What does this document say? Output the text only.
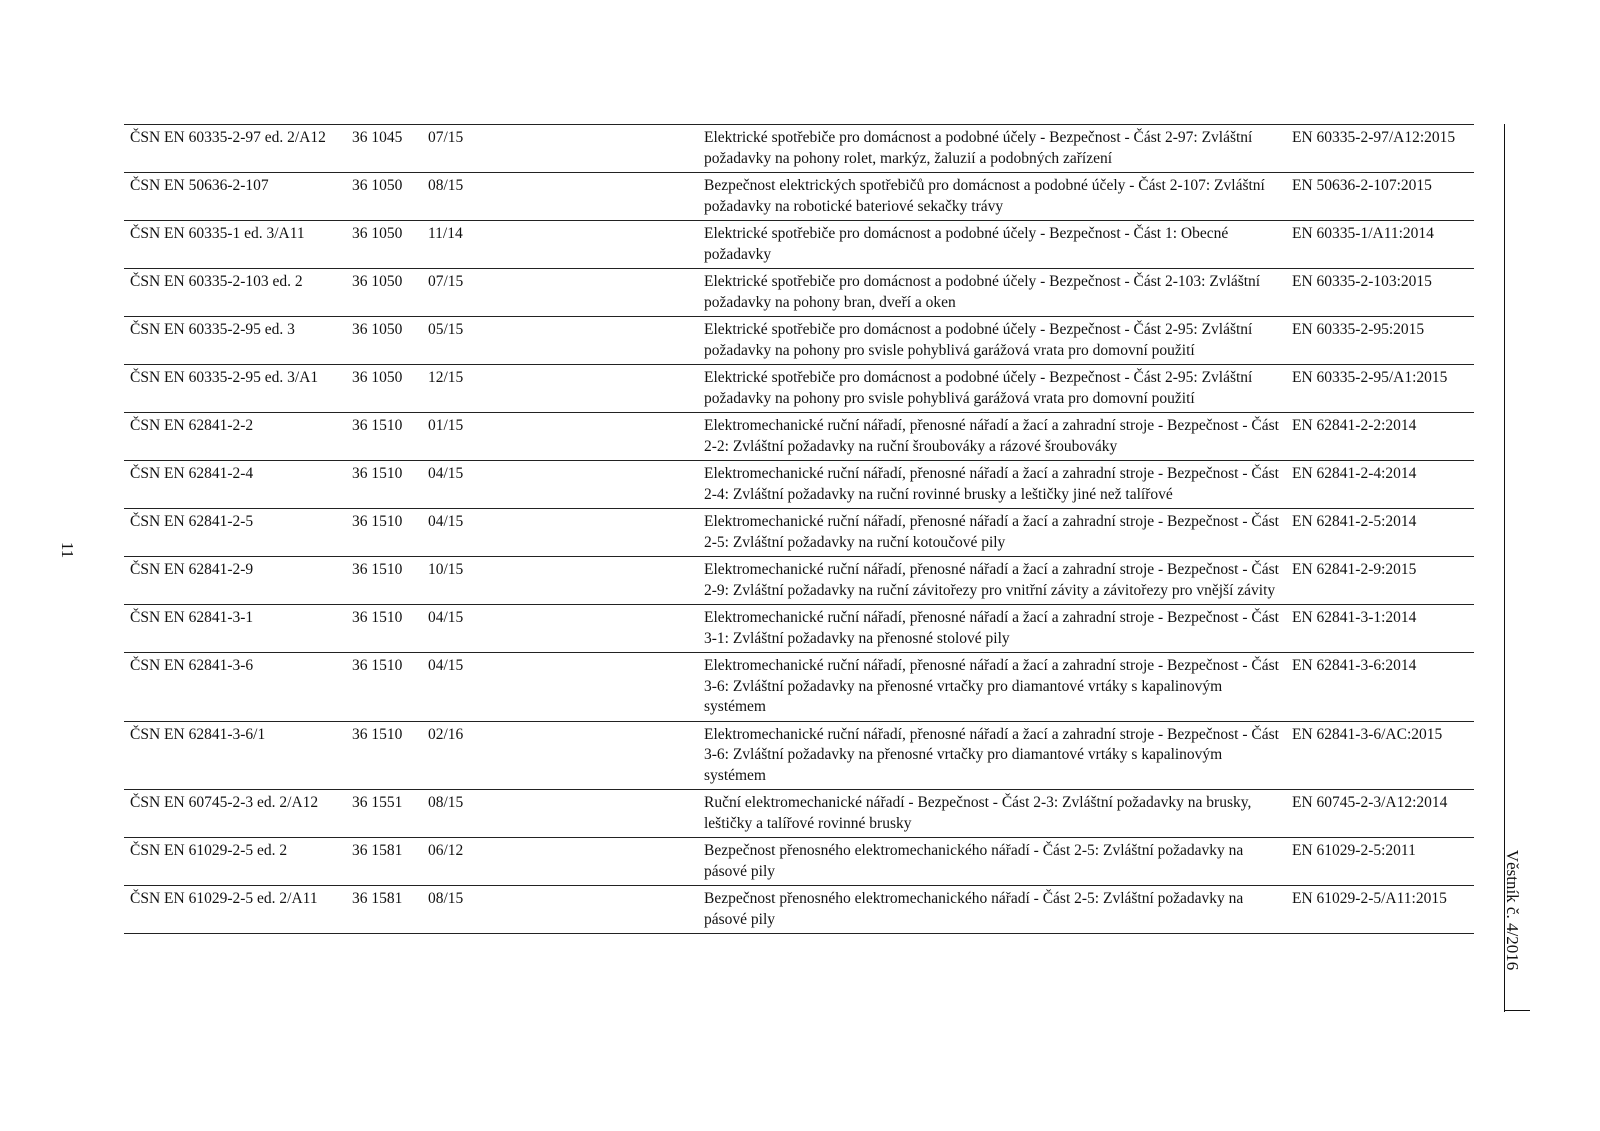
11
ČSN EN 60335-2-97 ed. 2/A12	36 1045	07/15	Elektrické spotřebiče pro domácnost a podobné účely - Bezpečnost - Část 2-97: Zvláštní požadavky na pohony rolet, markýz, žaluzií a podobných zařízení	EN 60335-2-97/A12:2015
ČSN EN 50636-2-107	36 1050	08/15	Bezpečnost elektrických spotřebičů pro domácnost a podobné účely - Část 2-107: Zvláštní požadavky na robotické bateriové sekačky trávy	EN 50636-2-107:2015
ČSN EN 60335-1 ed. 3/A11	36 1050	11/14	Elektrické spotřebiče pro domácnost a podobné účely - Bezpečnost - Část 1: Obecné požadavky	EN 60335-1/A11:2014
ČSN EN 60335-2-103 ed. 2	36 1050	07/15	Elektrické spotřebiče pro domácnost a podobné účely - Bezpečnost - Část 2-103: Zvláštní požadavky na pohony bran, dveří a oken	EN 60335-2-103:2015
ČSN EN 60335-2-95 ed. 3	36 1050	05/15	Elektrické spotřebiče pro domácnost a podobné účely - Bezpečnost - Část 2-95: Zvláštní požadavky na pohony pro svisle pohyblivá garážová vrata pro domovní použití	EN 60335-2-95:2015
ČSN EN 60335-2-95 ed. 3/A1	36 1050	12/15	Elektrické spotřebiče pro domácnost a podobné účely - Bezpečnost - Část 2-95: Zvláštní požadavky na pohony pro svisle pohyblivá garážová vrata pro domovní použití	EN 60335-2-95/A1:2015
ČSN EN 62841-2-2	36 1510	01/15	Elektromechanické ruční nářadí, přenosné nářadí a žací a zahradní stroje - Bezpečnost - Část 2-2: Zvláštní požadavky na ruční šroubováky a rázové šroubováky	EN 62841-2-2:2014
ČSN EN 62841-2-4	36 1510	04/15	Elektromechanické ruční nářadí, přenosné nářadí a žací a zahradní stroje - Bezpečnost - Část 2-4: Zvláštní požadavky na ruční rovinné brusky a leštičky jiné než talířové	EN 62841-2-4:2014
ČSN EN 62841-2-5	36 1510	04/15	Elektromechanické ruční nářadí, přenosné nářadí a žací a zahradní stroje - Bezpečnost - Část 2-5: Zvláštní požadavky na ruční kotoučové pily	EN 62841-2-5:2014
ČSN EN 62841-2-9	36 1510	10/15	Elektromechanické ruční nářadí, přenosné nářadí a žací a zahradní stroje - Bezpečnost - Část 2-9: Zvláštní požadavky na ruční závitořezy pro vnitřní závity a závitořezy pro vnější závity	EN 62841-2-9:2015
ČSN EN 62841-3-1	36 1510	04/15	Elektromechanické ruční nářadí, přenosné nářadí a žací a zahradní stroje - Bezpečnost - Část 3-1: Zvláštní požadavky na přenosné stolové pily	EN 62841-3-1:2014
ČSN EN 62841-3-6	36 1510	04/15	Elektromechanické ruční nářadí, přenosné nářadí a žací a zahradní stroje - Bezpečnost - Část 3-6: Zvláštní požadavky na přenosné vrtačky pro diamantové vrtáky s kapalinovým systémem	EN 62841-3-6:2014
ČSN EN 62841-3-6/1	36 1510	02/16	Elektromechanické ruční nářadí, přenosné nářadí a žací a zahradní stroje - Bezpečnost - Část 3-6: Zvláštní požadavky na přenosné vrtačky pro diamantové vrtáky s kapalinovým systémem	EN 62841-3-6/AC:2015
ČSN EN 60745-2-3 ed. 2/A12	36 1551	08/15	Ruční elektromechanické nářadí - Bezpečnost - Část 2-3: Zvláštní požadavky na brusky, leštičky a talířové rovinné brusky	EN 60745-2-3/A12:2014
ČSN EN 61029-2-5 ed. 2	36 1581	06/12	Bezpečnost přenosného elektromechanického nářadí - Část 2-5: Zvláštní požadavky na pásové pily	EN 61029-2-5:2011
ČSN EN 61029-2-5 ed. 2/A11	36 1581	08/15	Bezpečnost přenosného elektromechanického nářadí - Část 2-5: Zvláštní požadavky na pásové pily	EN 61029-2-5/A11:2015	Věstník č. 4/2016
